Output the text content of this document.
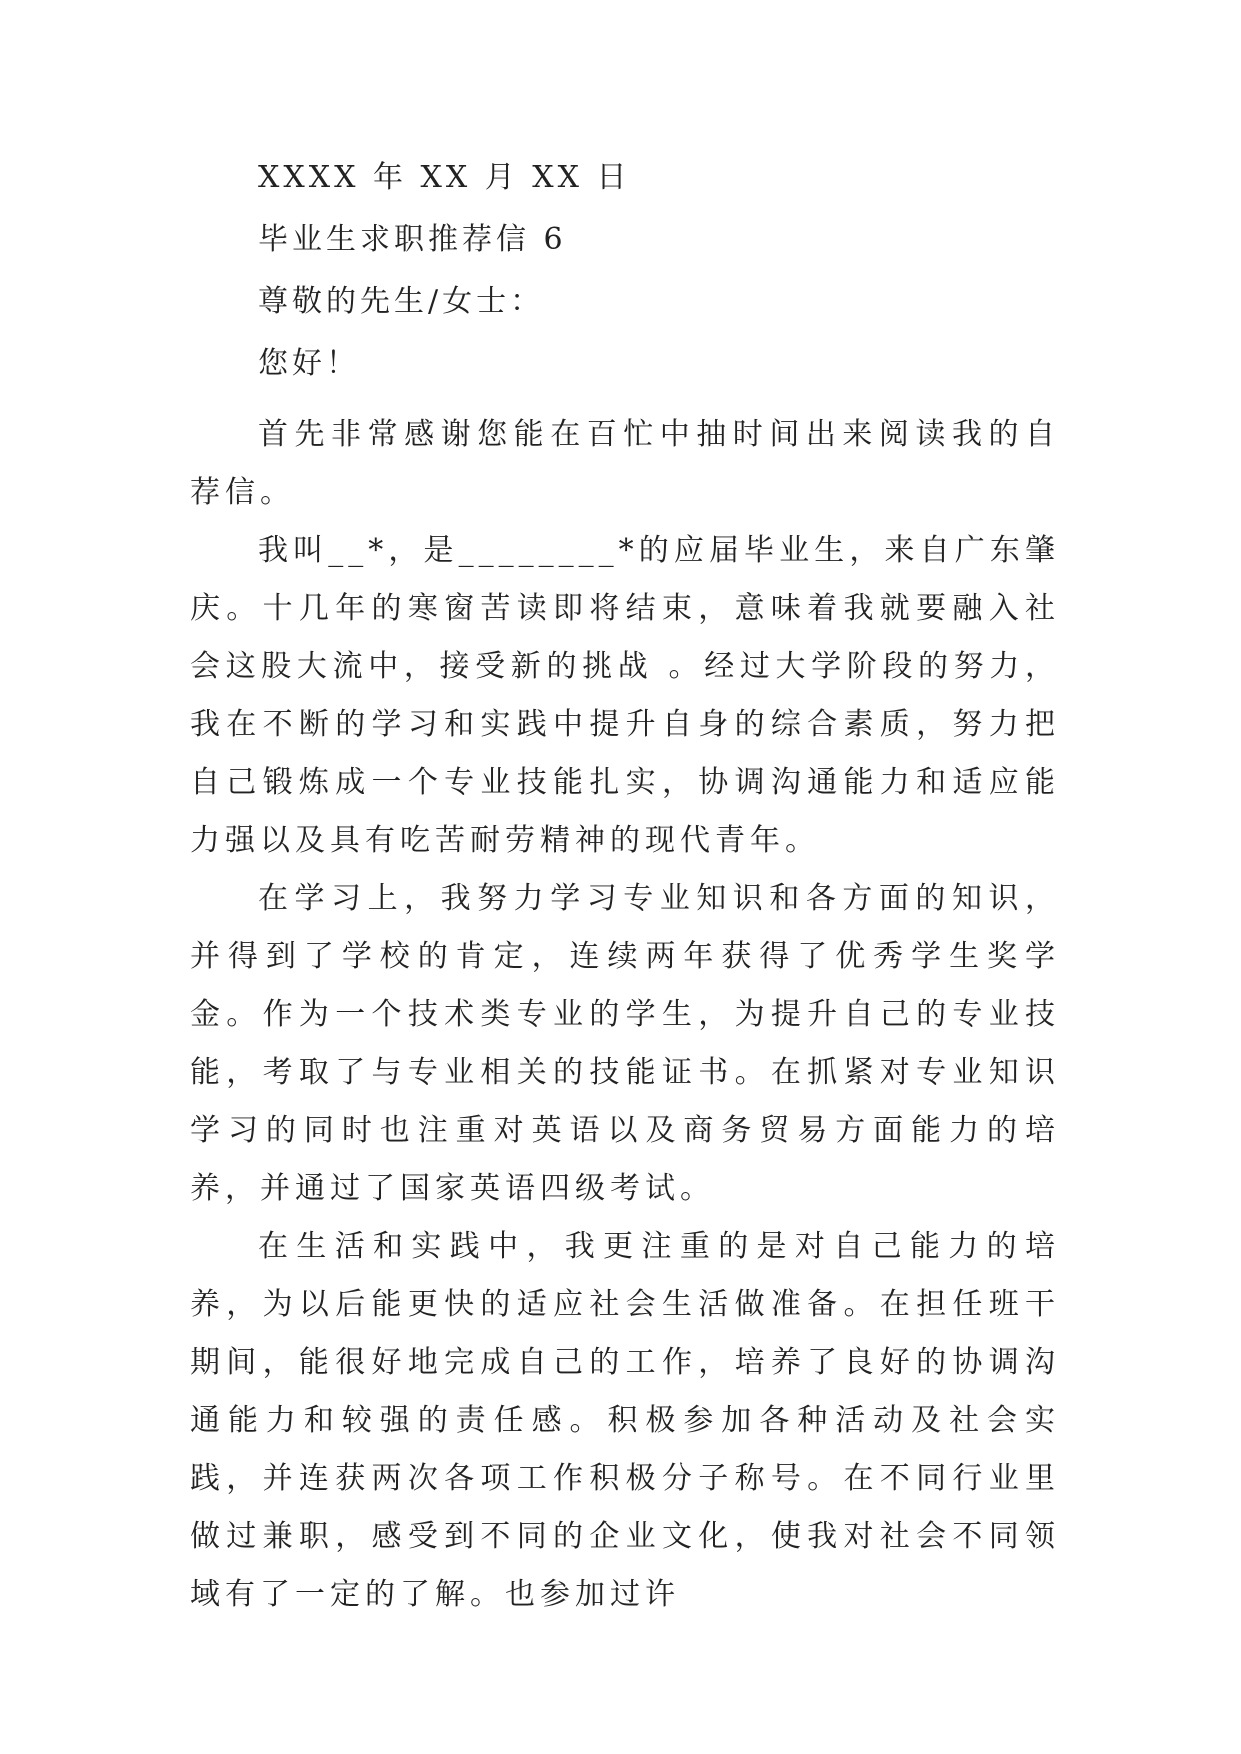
XXXX 年 XX 月 XX 日
毕业生求职推荐信 6
尊敬的先生/女士：
您好！

首先非常感谢您能在百忙中抽时间出来阅读我的自荐信。

我叫__*，是________*的应届毕业生，来自广东肇庆。十几年的寒窗苦读即将结束，意味着我就要融入社会这股大流中，接受新的挑战 。经过大学阶段的努力，我在不断的学习和实践中提升自身的综合素质，努力把自己锻炼成一个专业技能扎实，协调沟通能力和适应能力强以及具有吃苦耐劳精神的现代青年。

在学习上，我努力学习专业知识和各方面的知识，并得到了学校的肯定，连续两年获得了优秀学生奖学金。作为一个技术类专业的学生，为提升自己的专业技能，考取了与专业相关的技能证书。在抓紧对专业知识学习的同时也注重对英语以及商务贸易方面能力的培养，并通过了国家英语四级考试。

在生活和实践中，我更注重的是对自己能力的培养，为以后能更快的适应社会生活做准备。在担任班干期间，能很好地完成自己的工作，培养了良好的协调沟通能力和较强的责任感。积极参加各种活动及社会实践，并连获两次各项工作积极分子称号。在不同行业里做过兼职，感受到不同的企业文化，使我对社会不同领域有了一定的了解。也参加过许
